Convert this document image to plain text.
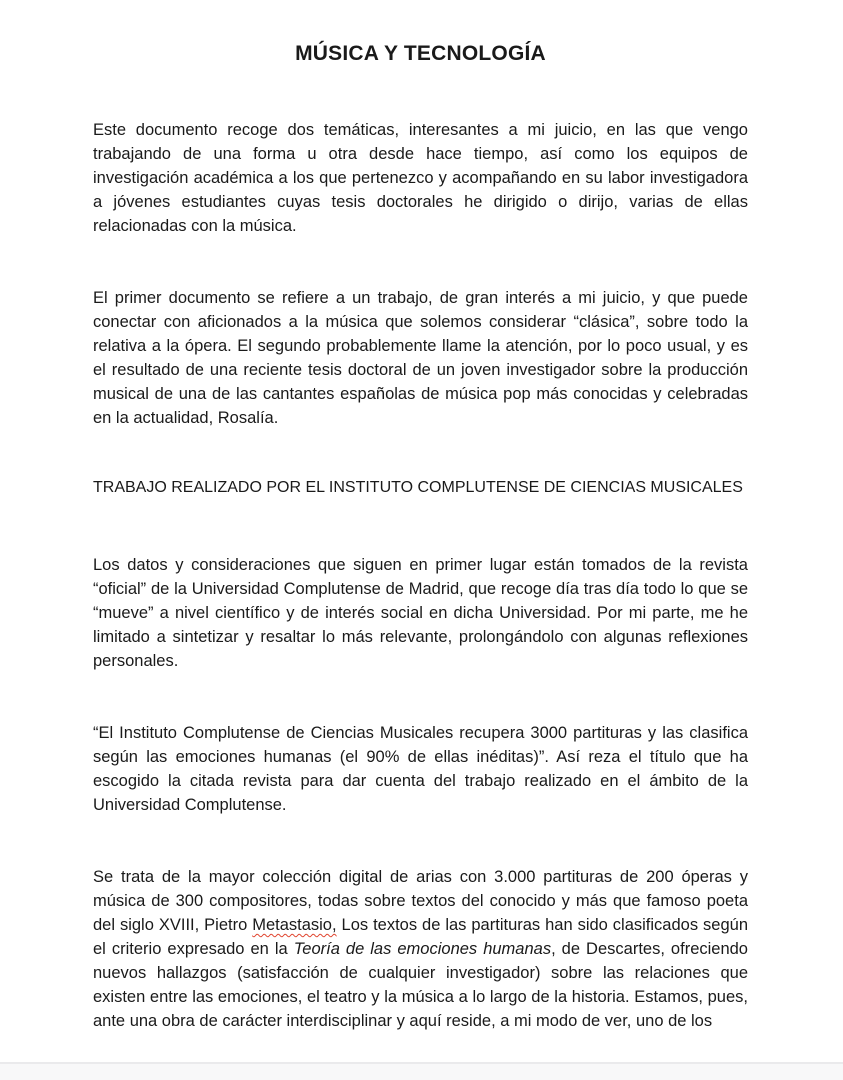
MÚSICA Y TECNOLOGÍA

Este documento recoge dos temáticas, interesantes a mi juicio, en las que vengo trabajando de una forma u otra desde hace tiempo, así como los equipos de investigación académica a los que pertenezco y acompañando en su labor investigadora a jóvenes estudiantes cuyas tesis doctorales he dirigido o dirijo, varias de ellas relacionadas con la música.

El primer documento se refiere a un trabajo, de gran interés a mi juicio, y que puede conectar con aficionados a la música que solemos considerar “clásica”, sobre todo la relativa a la ópera. El segundo probablemente llame la atención, por lo poco usual, y es el resultado de una reciente tesis doctoral de un joven investigador sobre la producción musical de una de las cantantes españolas de música pop más conocidas y celebradas en la actualidad, Rosalía.

TRABAJO REALIZADO POR EL INSTITUTO COMPLUTENSE DE CIENCIAS MUSICALES

Los datos y consideraciones que siguen en primer lugar están tomados de la revista “oficial” de la Universidad Complutense de Madrid, que recoge día tras día todo lo que se “mueve” a nivel científico y de interés social en dicha Universidad. Por mi parte, me he limitado a sintetizar y resaltar lo más relevante, prolongándolo con algunas reflexiones personales.

“El Instituto Complutense de Ciencias Musicales recupera 3000 partituras y las clasifica según las emociones humanas (el 90% de ellas inéditas)”. Así reza el título que ha escogido la citada revista para dar cuenta del trabajo realizado en el ámbito de la Universidad Complutense.

Se trata de la mayor colección digital de arias con 3.000 partituras de 200 óperas y música de 300 compositores, todas sobre textos del conocido y más que famoso poeta del siglo XVIII, Pietro Metastasio, Los textos de las partituras han sido clasificados según el criterio expresado en la Teoría de las emociones humanas, de Descartes, ofreciendo nuevos hallazgos (satisfacción de cualquier investigador) sobre las relaciones que existen entre las emociones, el teatro y la música a lo largo de la historia. Estamos, pues, ante una obra de carácter interdisciplinar y aquí reside, a mi modo de ver, uno de los
